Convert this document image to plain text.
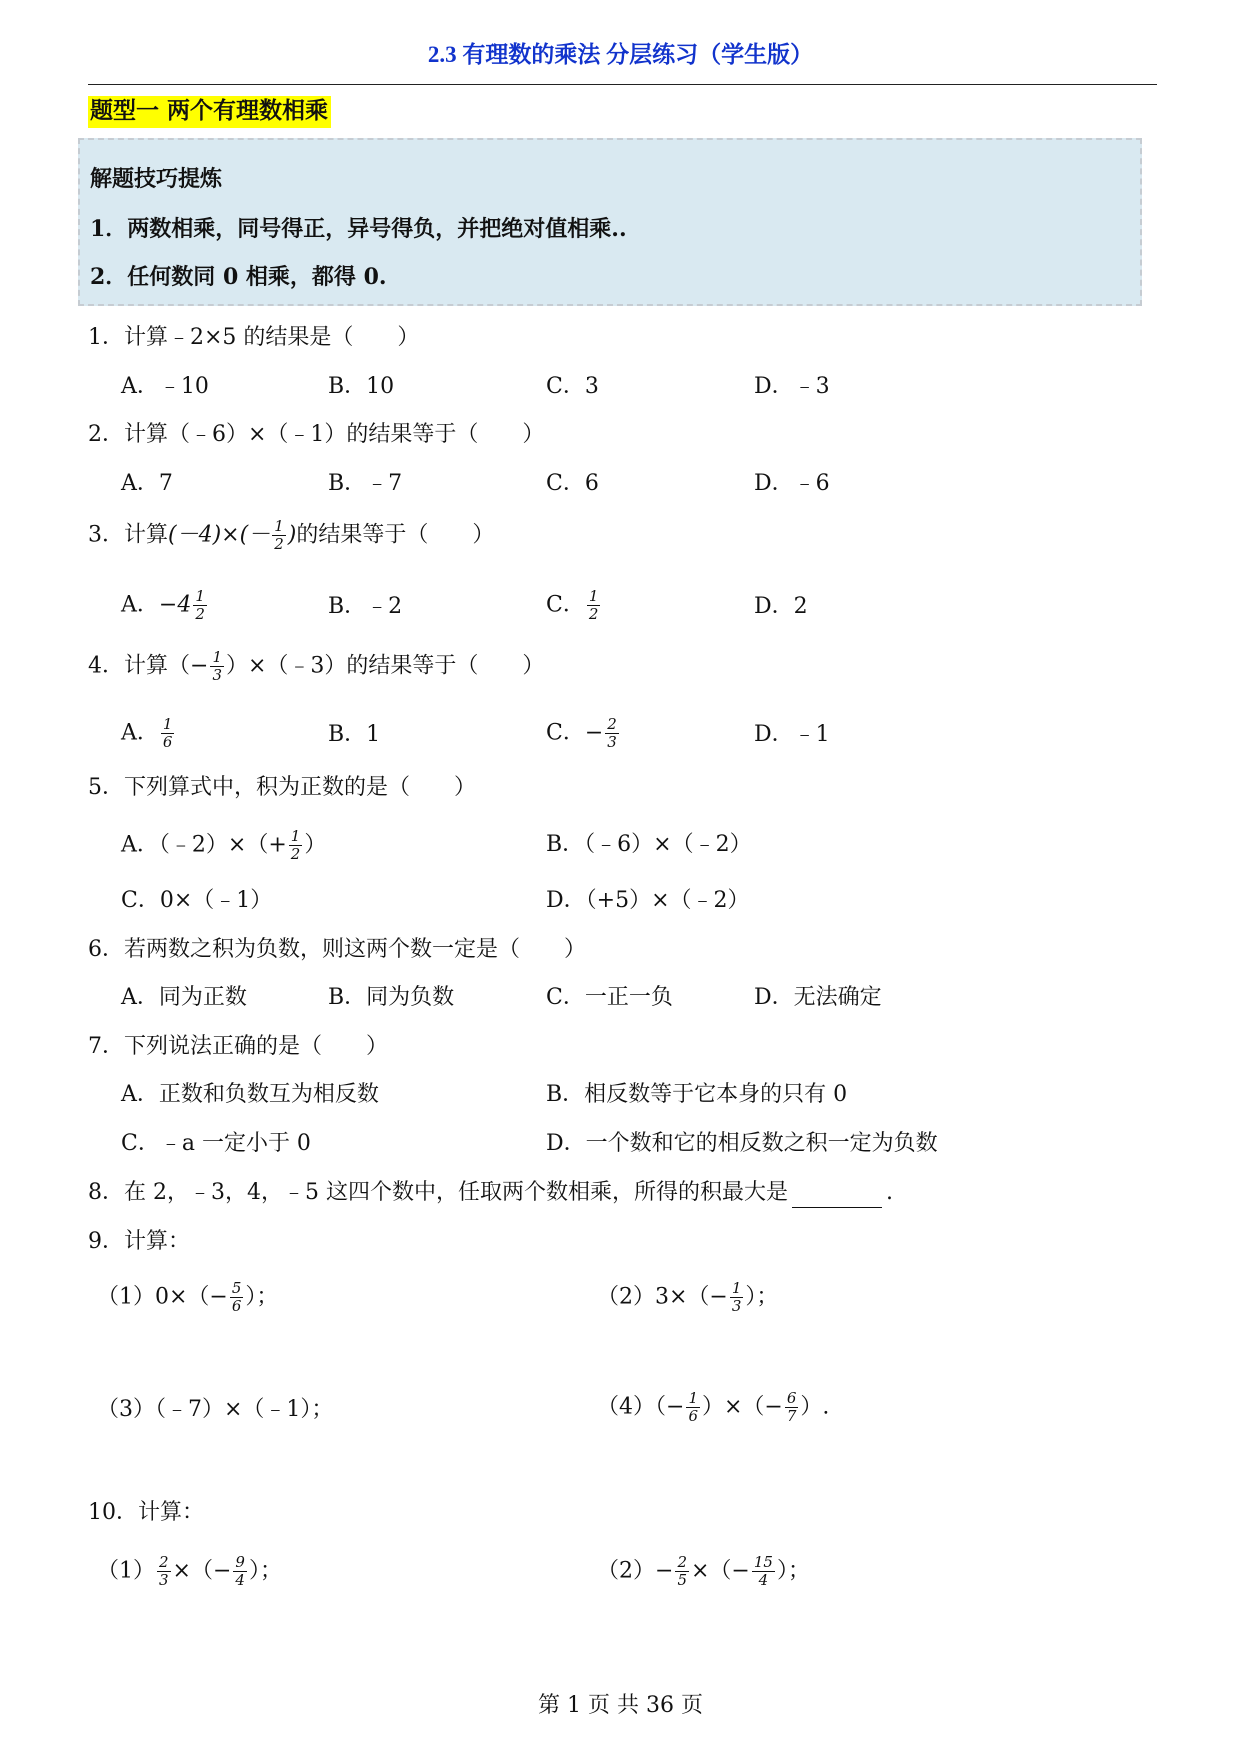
2.3 有理数的乘法 分层练习（学生版）
题型一 两个有理数相乘
解题技巧提炼
1．两数相乘，同号得正，异号得负，并把绝对值相乘..
2．任何数同 0 相乘，都得 0.
1．计算﹣2×5 的结果是（　　）
A．﹣10	B．10	C．3	D．﹣3
2．计算（﹣6）×（﹣1）的结果等于（　　）
A．7	B．﹣7	C．6	D．﹣6
3．计算$(-4)\times(- \frac{1}{2}$ )的结果等于（　　）
A．$-4 \frac{1}{2}$	B．﹣2	C． $\frac{1}{2}$	D．2
4．计算（− $\frac{1}{3}$ ）×（﹣3）的结果等于（　　）
A． $\frac{1}{6}$	B．1	C．− $\frac{2}{3}$	D．﹣1
5．下列算式中，积为正数的是（　　）
A．（﹣2）×（+ $\frac{1}{2}$ ）	B．（﹣6）×（﹣2）
C．0×（﹣1）	D．（+5）×（﹣2）
6．若两数之积为负数，则这两个数一定是（　　）
A．同为正数	B．同为负数	C．一正一负	D．无法确定
7．下列说法正确的是（　　）
A．正数和负数互为相反数	B．相反数等于它本身的只有 0
C．﹣a 一定小于 0	D．一个数和它的相反数之积一定为负数
8．在 2，﹣3，4，﹣5 这四个数中，任取两个数相乘，所得的积最大是	.
9．计算：
$(1)0\times(- \frac{5}{6}$ ）；	$(2)3\times(- \frac{1}{3}$ ）；
（3）（﹣7）×（﹣1）；	$(4)(- \frac{1}{6}$ ）×（− $\frac{6}{7}$ ）.
10．计算：
$(1) \frac{2}{3}$ ×（− $\frac{9}{4}$ ）；	$(2)- \frac{2}{5}$ ×（− $\frac{15}{4}$ ）；
第 1 页 共 36 页
